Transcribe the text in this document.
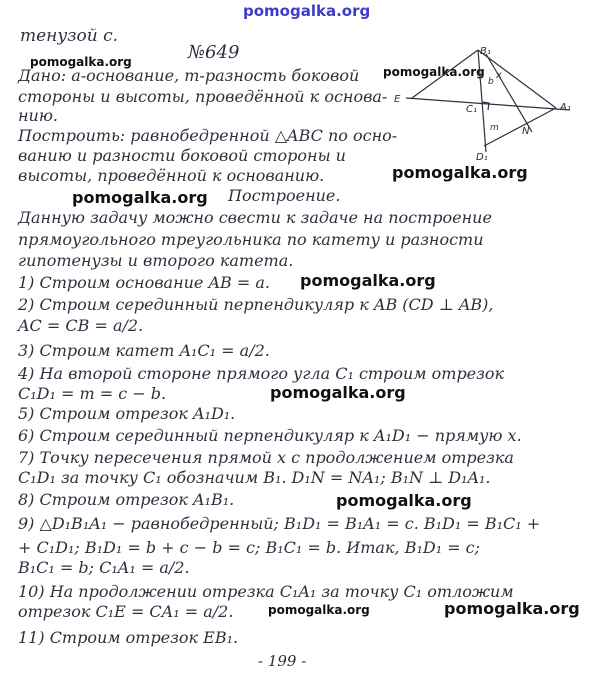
pomogalka.org
тенузой c.
№649
Дано: a-основание, m-разность боковой
стороны и высоты, проведённой к основа-
нию.
Построить: равнобедренной △ABC по осно-
ванию и разности боковой стороны и
высоты, проведённой к основанию.
Построение.
Данную задачу можно свести к задаче на построение
прямоугольного треугольника по катету и разности
гипотенузы и второго катета.
1) Строим основание AB = a.
2) Строим серединный перпендикуляр к AB (CD ⊥ AB),
AC = CB = a/2.
3) Строим катет A₁C₁ = a/2.
4) На второй стороне прямого угла C₁ строим отрезок
C₁D₁ = m = c − b.
5) Строим отрезок A₁D₁.
6) Строим серединный перпендикуляр к A₁D₁ − прямую x.
7) Точку пересечения прямой x с продолжением отрезка
C₁D₁ за точку C₁ обозначим B₁. D₁N = NA₁; B₁N ⊥ D₁A₁.
8) Строим отрезок A₁B₁.
9) △D₁B₁A₁ − равнобедренный; B₁D₁ = B₁A₁ = c. B₁D₁ = B₁C₁ +
+ C₁D₁; B₁D₁ = b + c − b = c; B₁C₁ = b. Итак, B₁D₁ = c;
B₁C₁ = b; C₁A₁ = a/2.
10) На продолжении отрезка C₁A₁ за точку C₁ отложим
отрезок C₁E = CA₁ = a/2.
11) Строим отрезок EB₁.
- 199 -
pomogalka.org
pomogalka.org
pomogalka.org
pomogalka.org
pomogalka.org
pomogalka.org
pomogalka.org
pomogalka.org	pomogalka.org
B₁
E
C₁	A₁
D₁
N
x
b
m
